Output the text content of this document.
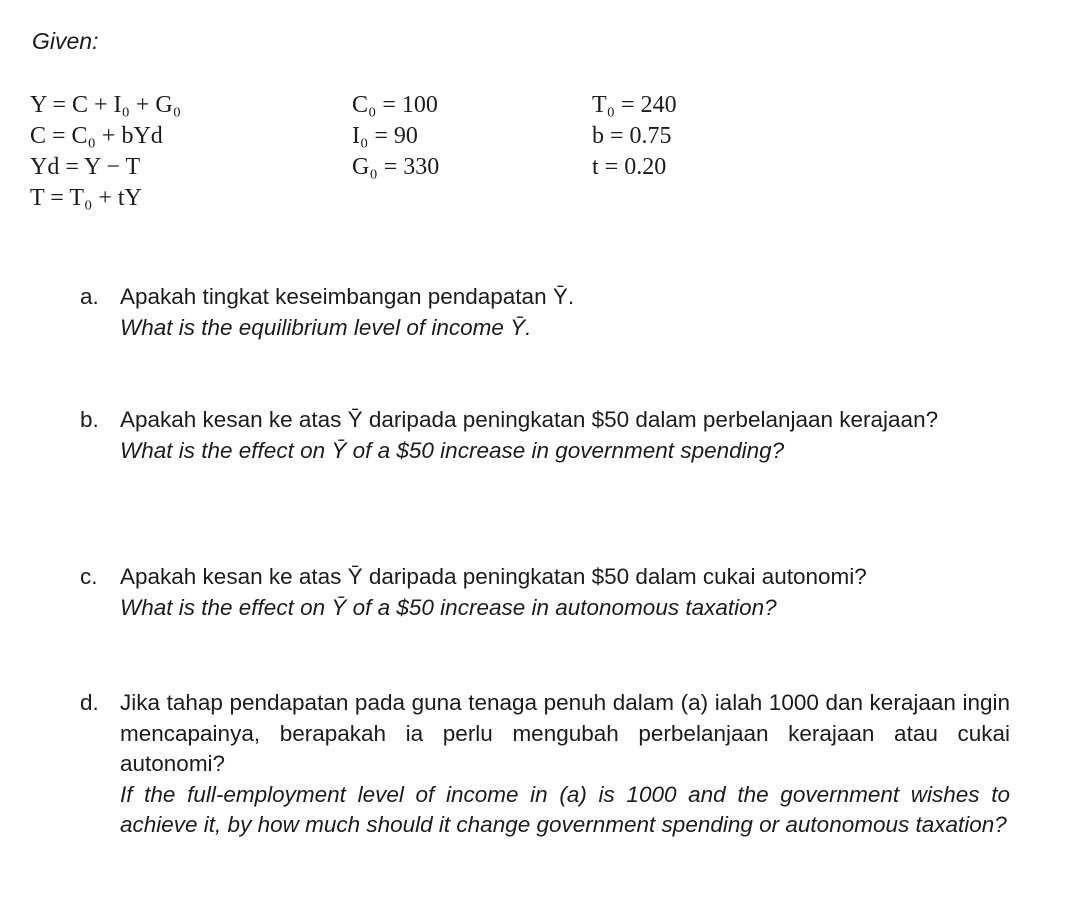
Given:
Y = C + I₀ + G₀
C = C₀ + bYd
Yd = Y − T
T = T₀ + tY
C₀ = 100
I₀ = 90
G₀ = 330
T₀ = 240
b = 0.75
t = 0.20
a. Apakah tingkat keseimbangan pendapatan Ȳ.
What is the equilibrium level of income Ȳ.
b. Apakah kesan ke atas Ȳ daripada peningkatan $50 dalam perbelanjaan kerajaan?
What is the effect on Ȳ of a $50 increase in government spending?
c. Apakah kesan ke atas Ȳ daripada peningkatan $50 dalam cukai autonomi?
What is the effect on Ȳ of a $50 increase in autonomous taxation?
d. Jika tahap pendapatan pada guna tenaga penuh dalam (a) ialah 1000 dan kerajaan ingin mencapainya, berapakah ia perlu mengubah perbelanjaan kerajaan atau cukai autonomi?
If the full-employment level of income in (a) is 1000 and the government wishes to achieve it, by how much should it change government spending or autonomous taxation?
